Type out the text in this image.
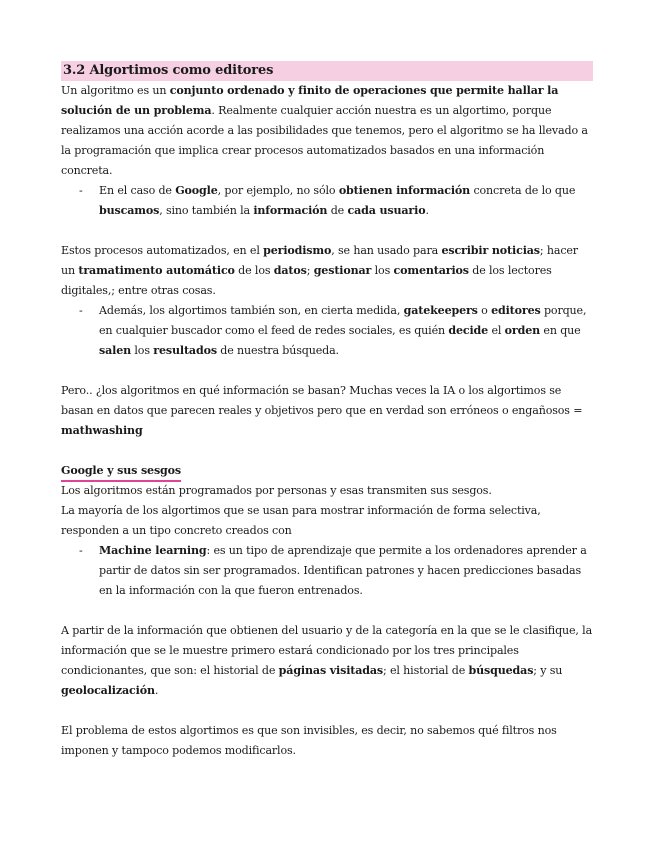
3.2 Algortimos como editores

Un algoritmo es un conjunto ordenado y finito de operaciones que permite hallar la solución de un problema. Realmente cualquier acción nuestra es un algortimo, porque realizamos una acción acorde a las posibilidades que tenemos, pero el algoritmo se ha llevado a la programación que implica crear procesos automatizados basados en una información concreta.

- En el caso de Google, por ejemplo, no sólo obtienen información concreta de lo que buscamos, sino también la información de cada usuario.

Estos procesos automatizados, en el periodismo, se han usado para escribir noticias; hacer un tramatimento automático de los datos; gestionar los comentarios de los lectores digitales,; entre otras cosas.

- Además, los algortimos también son, en cierta medida, gatekeepers o editores porque, en cualquier buscador como el feed de redes sociales, es quién decide el orden en que salen los resultados de nuestra búsqueda.

Pero.. ¿los algoritmos en qué información se basan? Muchas veces la IA o los algortimos se basan en datos que parecen reales y objetivos pero que en verdad son erróneos o engañosos = mathwashing

Google y sus sesgos

Los algoritmos están programados por personas y esas transmiten sus sesgos.

La mayoría de los algortimos que se usan para mostrar información de forma selectiva, responden a un tipo concreto creados con

- Machine learning: es un tipo de aprendizaje que permite a los ordenadores aprender a partir de datos sin ser programados. Identifican patrones y hacen predicciones basadas en la información con la que fueron entrenados.

A partir de la información que obtienen del usuario y de la categoría en la que se le clasifique, la información que se le muestre primero estará condicionado por los tres principales condicionantes, que son: el historial de páginas visitadas; el historial de búsquedas; y su geolocalización.

El problema de estos algortimos es que son invisibles, es decir, no sabemos qué filtros nos imponen y tampoco podemos modificarlos.
